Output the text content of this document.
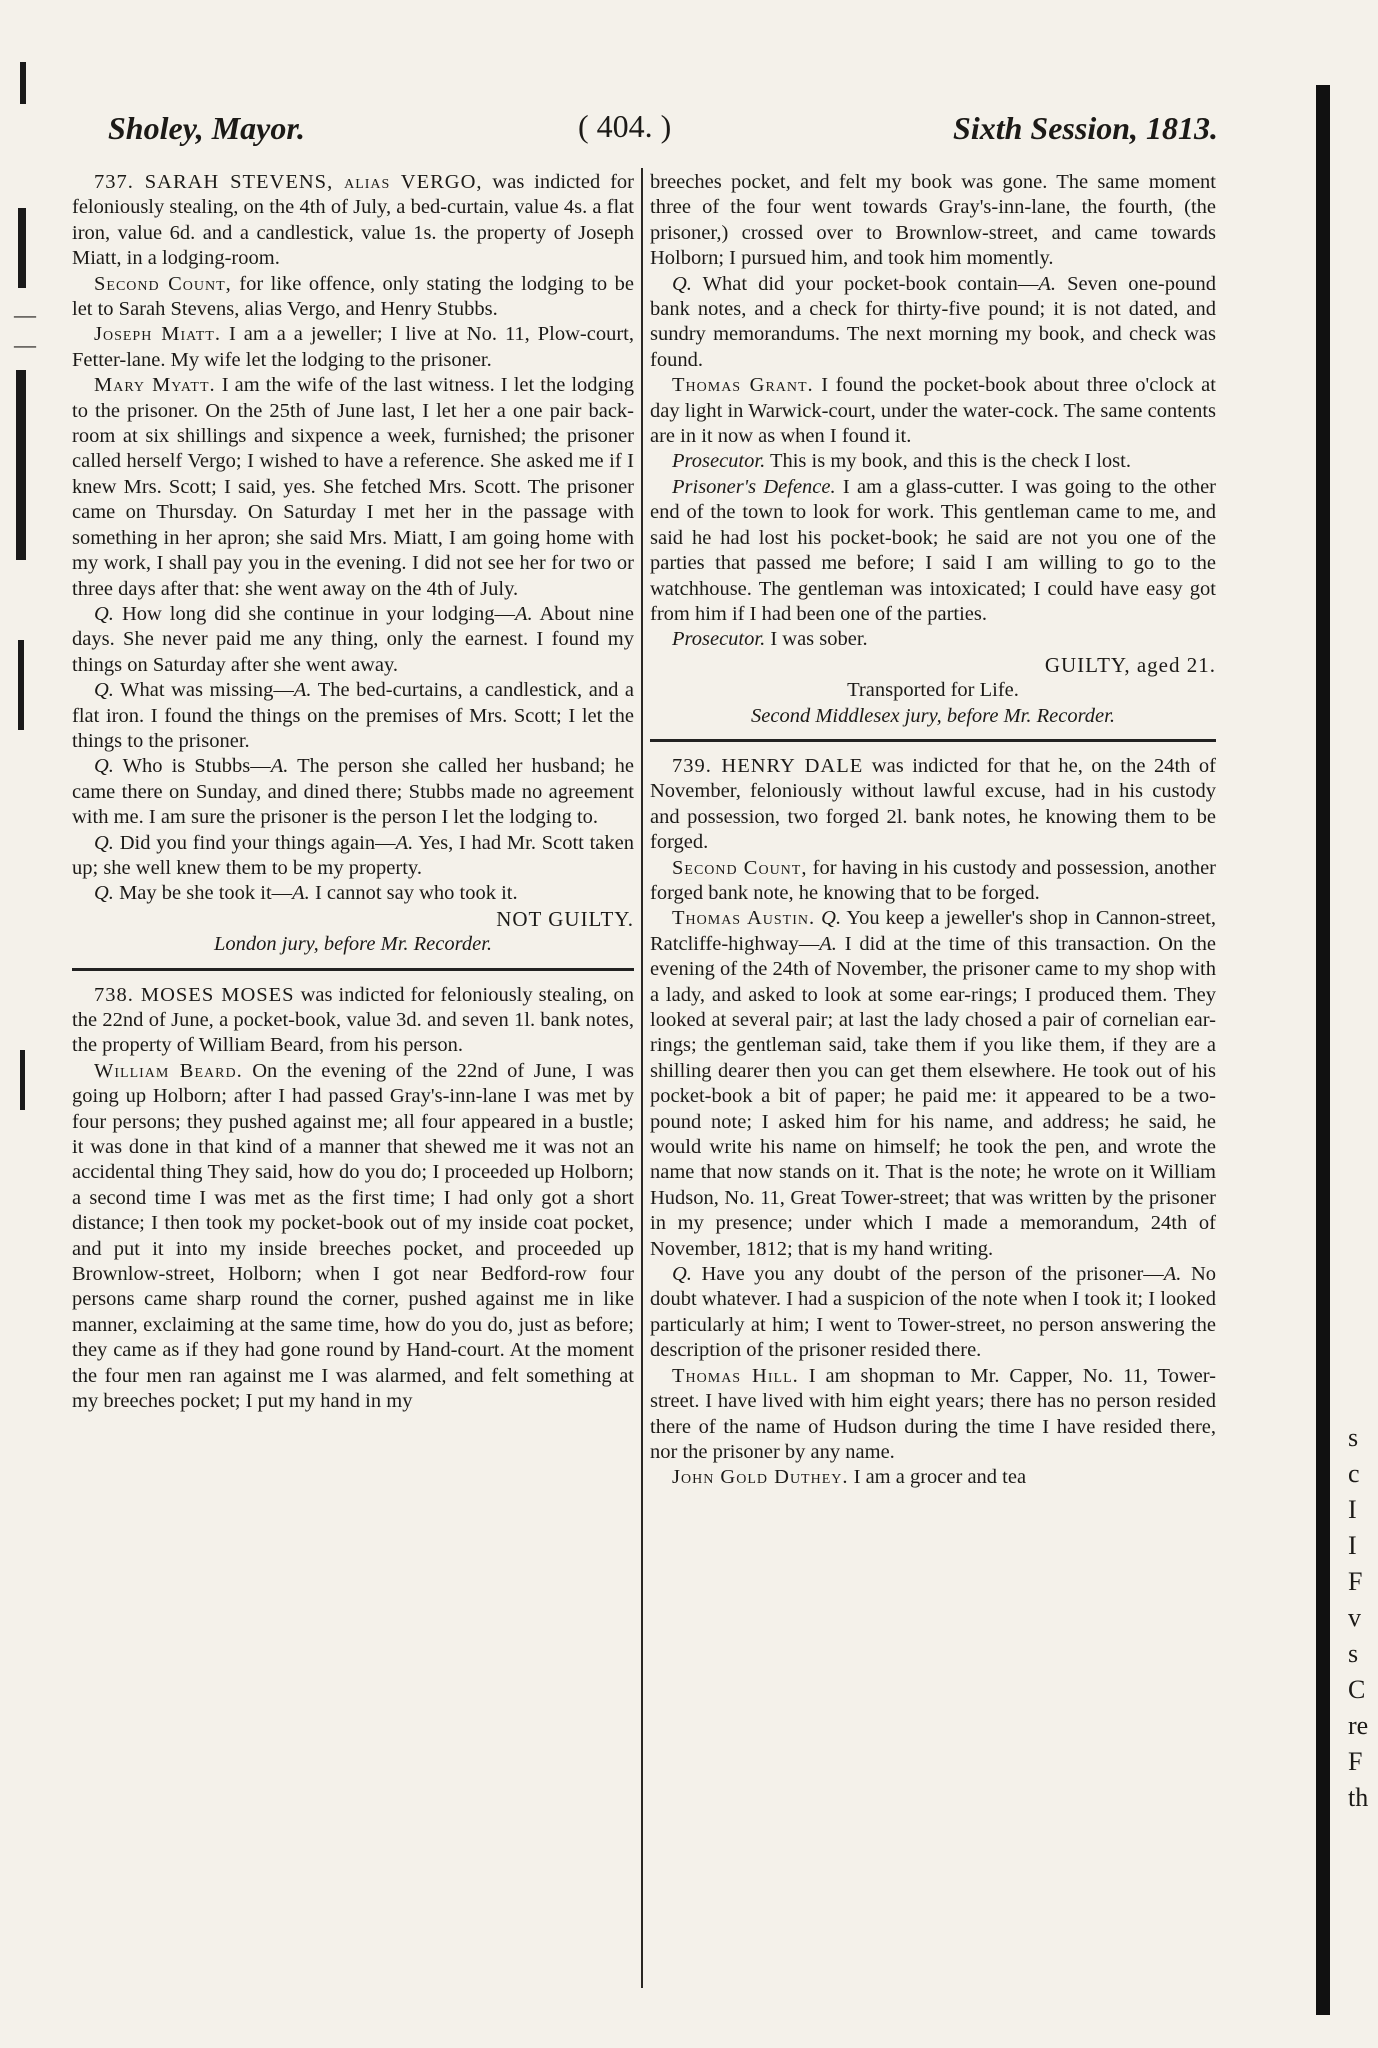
Sholey, Mayor.	( 404. )	Sixth Session, 1813.

737. SARAH STEVENS, alias VERGO, was indicted for feloniously stealing, on the 4th of July, a bed-curtain, value 4s. a flat iron, value 6d. and a candlestick, value 1s. the property of Joseph Miatt, in a lodging-room.

Second Count, for like offence, only stating the lodging to be let to Sarah Stevens, alias Vergo, and Henry Stubbs.

Joseph Miatt. I am a a jeweller; I live at No. 11, Plow-court, Fetter-lane. My wife let the lodging to the prisoner.

Mary Myatt. I am the wife of the last witness. I let the lodging to the prisoner. On the 25th of June last, I let her a one pair back-room at six shillings and sixpence a week, furnished; the prisoner called herself Vergo; I wished to have a reference. She asked me if I knew Mrs. Scott; I said, yes. She fetched Mrs. Scott. The prisoner came on Thursday. On Saturday I met her in the passage with something in her apron; she said Mrs. Miatt, I am going home with my work, I shall pay you in the evening. I did not see her for two or three days after that: she went away on the 4th of July.

Q. How long did she continue in your lodging—A. About nine days. She never paid me any thing, only the earnest. I found my things on Saturday after she went away.

Q. What was missing—A. The bed-curtains, a candlestick, and a flat iron. I found the things on the premises of Mrs. Scott; I let the things to the prisoner.

Q. Who is Stubbs—A. The person she called her husband; he came there on Sunday, and dined there; Stubbs made no agreement with me. I am sure the prisoner is the person I let the lodging to.

Q. Did you find your things again—A. Yes, I had Mr. Scott taken up; she well knew them to be my property.

Q. May be she took it—A. I cannot say who took it.

NOT GUILTY.

London jury, before Mr. Recorder.

738. MOSES MOSES was indicted for feloniously stealing, on the 22nd of June, a pocket-book, value 3d. and seven 1l. bank notes, the property of William Beard, from his person.

William Beard. On the evening of the 22nd of June, I was going up Holborn; after I had passed Gray's-inn-lane I was met by four persons; they pushed against me; all four appeared in a bustle; it was done in that kind of a manner that shewed me it was not an accidental thing They said, how do you do; I proceeded up Holborn; a second time I was met as the first time; I had only got a short distance; I then took my pocket-book out of my inside coat pocket, and put it into my inside breeches pocket, and proceeded up Brownlow-street, Holborn; when I got near Bedford-row four persons came sharp round the corner, pushed against me in like manner, exclaiming at the same time, how do you do, just as before; they came as if they had gone round by Hand-court. At the moment the four men ran against me I was alarmed, and felt something at my breeches pocket; I put my hand in my

breeches pocket, and felt my book was gone. The same moment three of the four went towards Gray's-inn-lane, the fourth, (the prisoner,) crossed over to Brownlow-street, and came towards Holborn; I pursued him, and took him momently.

Q. What did your pocket-book contain—A. Seven one-pound bank notes, and a check for thirty-five pound; it is not dated, and sundry memorandums. The next morning my book, and check was found.

Thomas Grant. I found the pocket-book about three o'clock at day light in Warwick-court, under the water-cock. The same contents are in it now as when I found it.

Prosecutor. This is my book, and this is the check I lost.

Prisoner's Defence. I am a glass-cutter. I was going to the other end of the town to look for work. This gentleman came to me, and said he had lost his pocket-book; he said are not you one of the parties that passed me before; I said I am willing to go to the watchhouse. The gentleman was intoxicated; I could have easy got from him if I had been one of the parties.

Prosecutor. I was sober.

GUILTY, aged 21.

Transported for Life.

Second Middlesex jury, before Mr. Recorder.

739. HENRY DALE was indicted for that he, on the 24th of November, feloniously without lawful excuse, had in his custody and possession, two forged 2l. bank notes, he knowing them to be forged.

Second Count, for having in his custody and possession, another forged bank note, he knowing that to be forged.

Thomas Austin. Q. You keep a jeweller's shop in Cannon-street, Ratcliffe-highway—A. I did at the time of this transaction. On the evening of the 24th of November, the prisoner came to my shop with a lady, and asked to look at some ear-rings; I produced them. They looked at several pair; at last the lady chosed a pair of cornelian ear-rings; the gentleman said, take them if you like them, if they are a shilling dearer then you can get them elsewhere. He took out of his pocket-book a bit of paper; he paid me: it appeared to be a two-pound note; I asked him for his name, and address; he said, he would write his name on himself; he took the pen, and wrote the name that now stands on it. That is the note; he wrote on it William Hudson, No. 11, Great Tower-street; that was written by the prisoner in my presence; under which I made a memorandum, 24th of November, 1812; that is my hand writing.

Q. Have you any doubt of the person of the prisoner—A. No doubt whatever. I had a suspicion of the note when I took it; I looked particularly at him; I went to Tower-street, no person answering the description of the prisoner resided there.

Thomas Hill. I am shopman to Mr. Capper, No. 11, Tower-street. I have lived with him eight years; there has no person resided there of the name of Hudson during the time I have resided there, nor the prisoner by any name.

John Gold Duthey. I am a grocer and tea

s
c
I
I
F
v
s
C
re
F
th
— —
